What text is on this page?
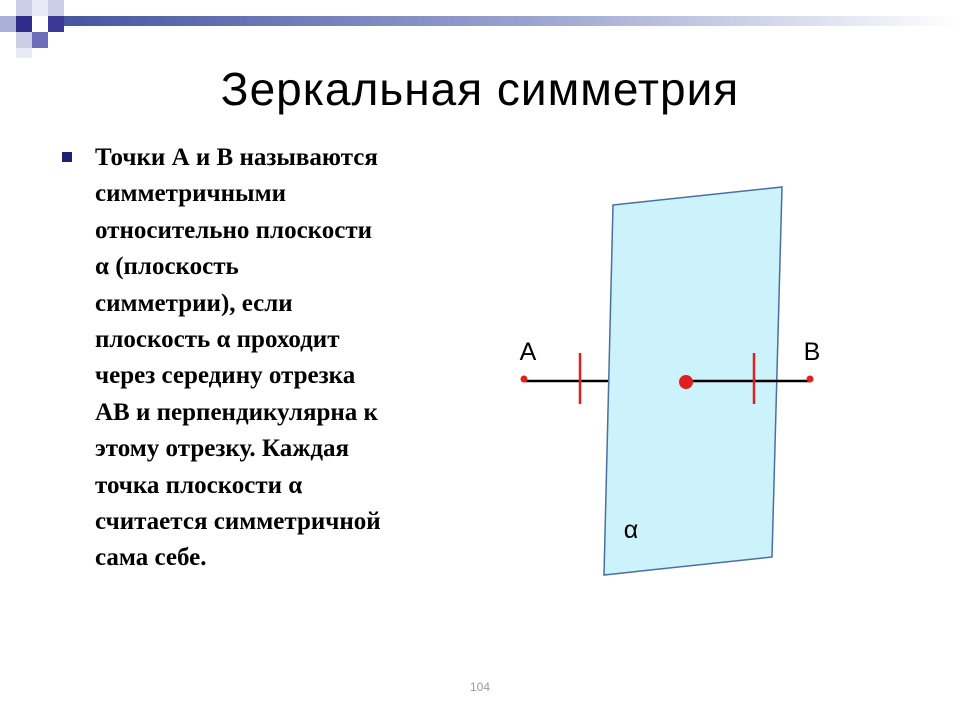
Зеркальная симметрия
Точки А и В называются
симметричными
относительно плоскости
α (плоскость
симметрии), если
плоскость α проходит
через середину отрезка
АВ и перпендикулярна к
этому отрезку. Каждая
точка плоскости α
считается симметричной
сама себе.
А	В
α
104
